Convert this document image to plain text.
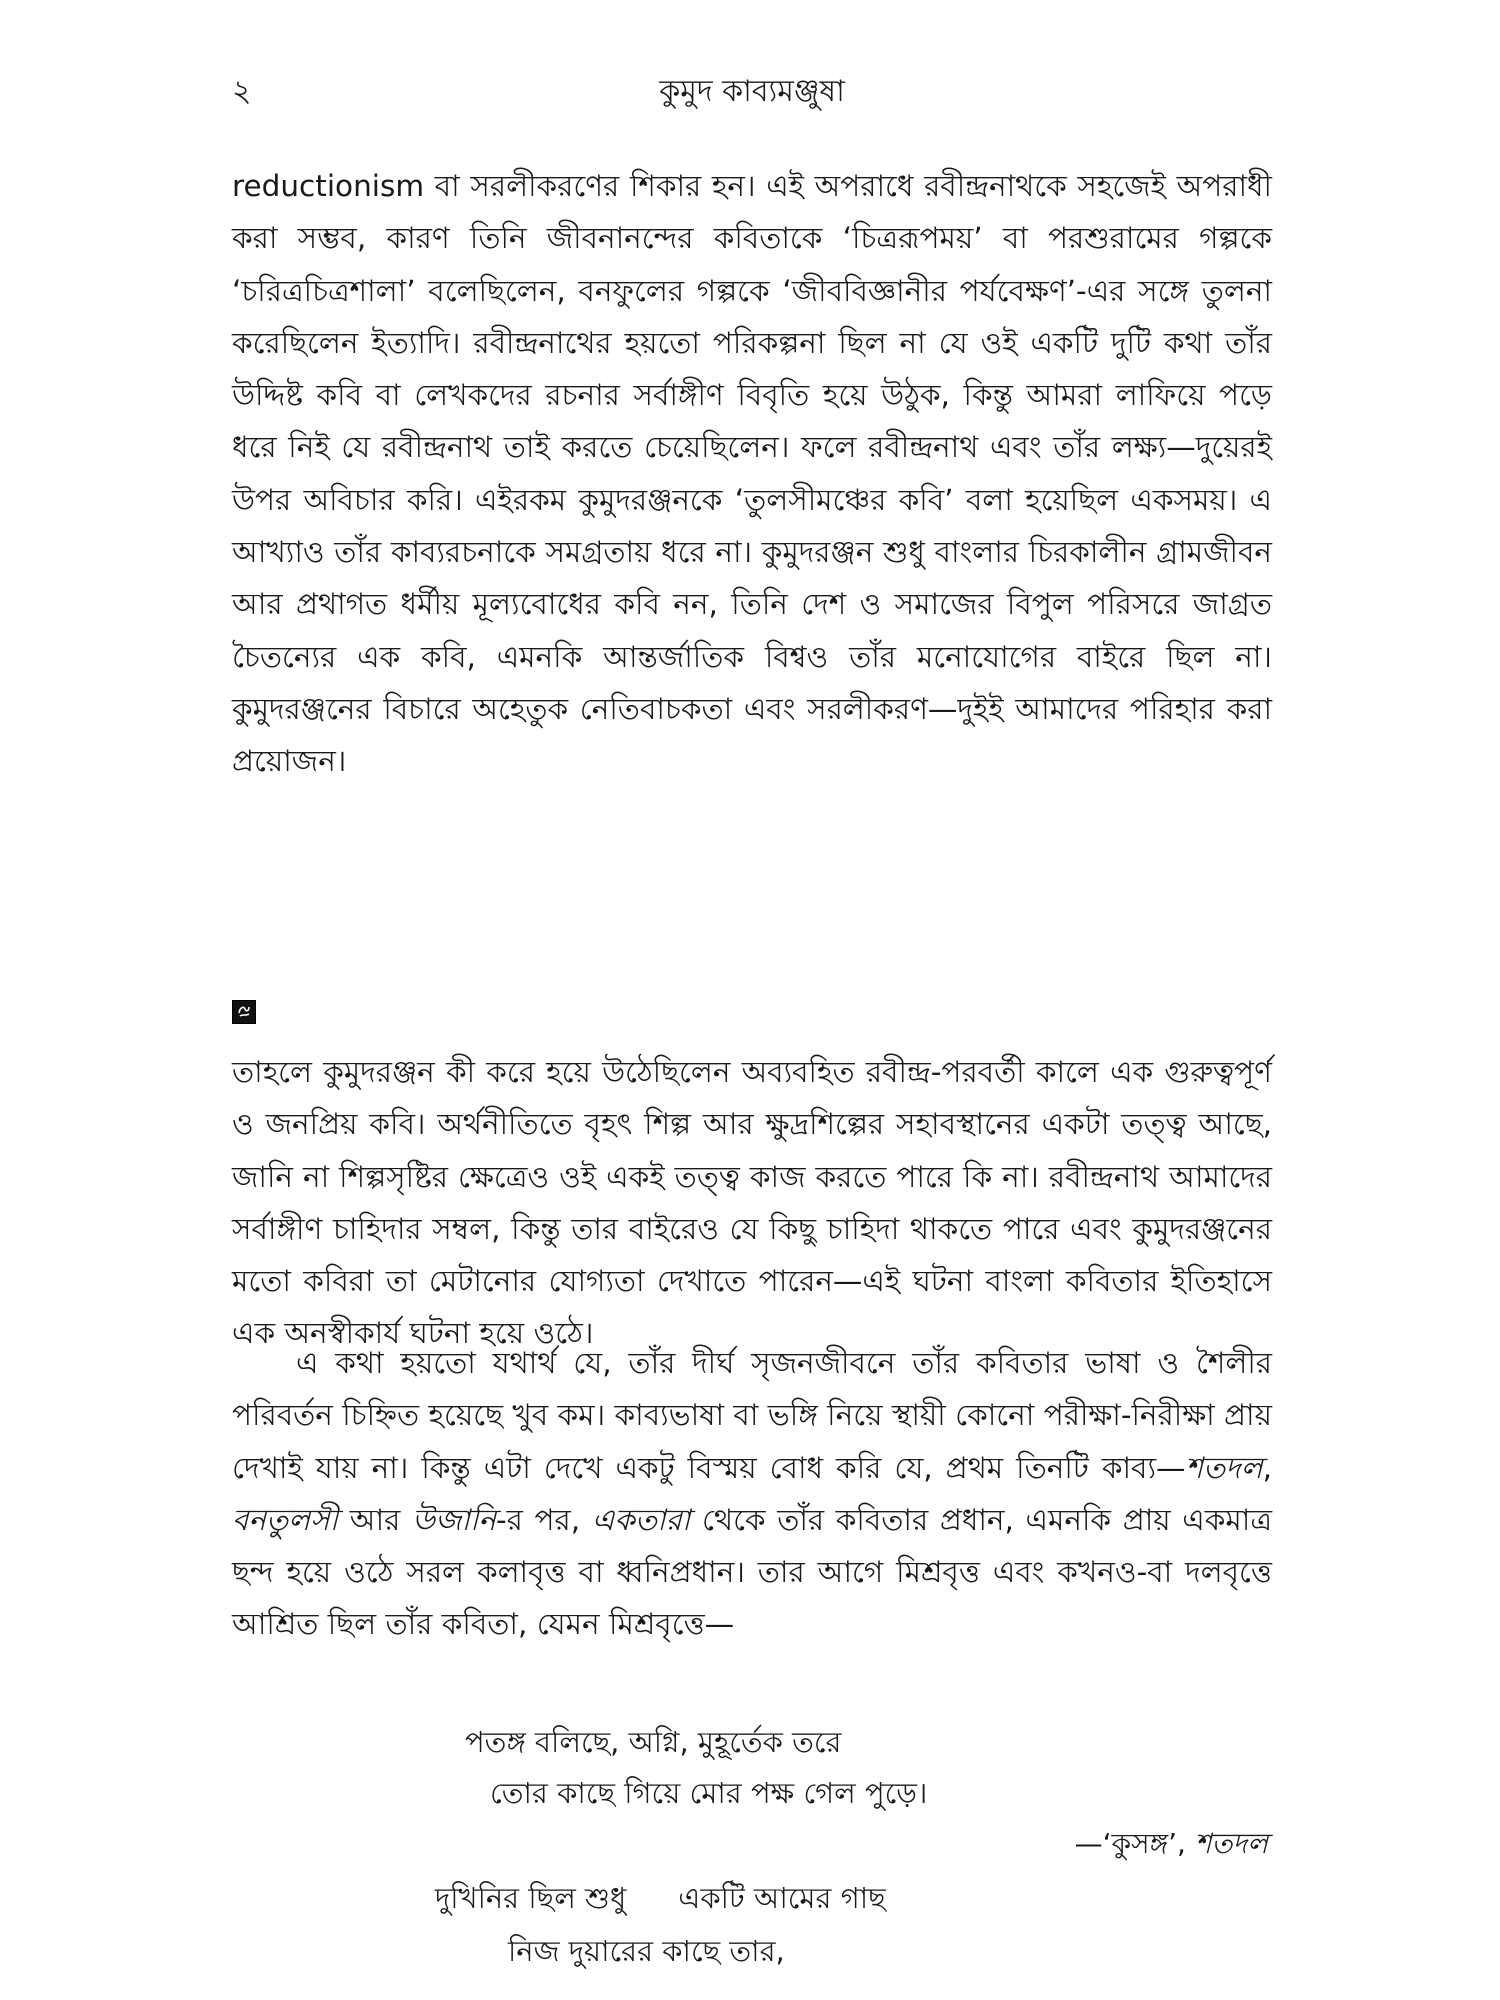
২	কুমুদ কাব্যমঞ্জুষা

reductionism বা সরলীকরণের শিকার হন। এই অপরাধে রবীন্দ্রনাথকে সহজেই অপরাধী করা সম্ভব, কারণ তিনি জীবনানন্দের কবিতাকে ‘চিত্ররূপময়’ বা পরশুরামের গল্পকে ‘চরিত্রচিত্রশালা’ বলেছিলেন, বনফুলের গল্পকে ‘জীববিজ্ঞানীর পর্যবেক্ষণ’-এর সঙ্গে তুলনা করেছিলেন ইত্যাদি। রবীন্দ্রনাথের হয়তো পরিকল্পনা ছিল না যে ওই একটি দুটি কথা তাঁর উদ্দিষ্ট কবি বা লেখকদের রচনার সর্বাঙ্গীণ বিবৃতি হয়ে উঠুক, কিন্তু আমরা লাফিয়ে পড়ে ধরে নিই যে রবীন্দ্রনাথ তাই করতে চেয়েছিলেন। ফলে রবীন্দ্রনাথ এবং তাঁর লক্ষ্য—দুয়েরই উপর অবিচার করি। এইরকম কুমুদরঞ্জনকে ‘তুলসীমঞ্চের কবি’ বলা হয়েছিল একসময়। এ আখ্যাও তাঁর কাব্যরচনাকে সমগ্রতায় ধরে না। কুমুদরঞ্জন শুধু বাংলার চিরকালীন গ্রামজীবন আর প্রথাগত ধর্মীয় মূল্যবোধের কবি নন, তিনি দেশ ও সমাজের বিপুল পরিসরে জাগ্রত চৈতন্যের এক কবি, এমনকি আন্তর্জাতিক বিশ্বও তাঁর মনোযোগের বাইরে ছিল না। কুমুদরঞ্জনের বিচারে অহেতুক নেতিবাচকতা এবং সরলীকরণ—দুইই আমাদের পরিহার করা প্রয়োজন।

তাহলে কুমুদরঞ্জন কী করে হয়ে উঠেছিলেন অব্যবহিত রবীন্দ্র-পরবর্তী কালে এক গুরুত্বপূর্ণ ও জনপ্রিয় কবি। অর্থনীতিতে বৃহৎ শিল্প আর ক্ষুদ্রশিল্পের সহাবস্থানের একটা তত্ত্ব আছে, জানি না শিল্পসৃষ্টির ক্ষেত্রেও ওই একই তত্ত্ব কাজ করতে পারে কি না। রবীন্দ্রনাথ আমাদের সর্বাঙ্গীণ চাহিদার সম্বল, কিন্তু তার বাইরেও যে কিছু চাহিদা থাকতে পারে এবং কুমুদরঞ্জনের মতো কবিরা তা মেটানোর যোগ্যতা দেখাতে পারেন—এই ঘটনা বাংলা কবিতার ইতিহাসে এক অনস্বীকার্য ঘটনা হয়ে ওঠে।

এ কথা হয়তো যথার্থ যে, তাঁর দীর্ঘ সৃজনজীবনে তাঁর কবিতার ভাষা ও শৈলীর পরিবর্তন চিহ্নিত হয়েছে খুব কম। কাব্যভাষা বা ভঙ্গি নিয়ে স্থায়ী কোনো পরীক্ষা-নিরীক্ষা প্রায় দেখাই যায় না। কিন্তু এটা দেখে একটু বিস্ময় বোধ করি যে, প্রথম তিনটি কাব্য—শতদল, বনতুলসী আর উজানি-র পর, একতারা থেকে তাঁর কবিতার প্রধান, এমনকি প্রায় একমাত্র ছন্দ হয়ে ওঠে সরল কলাবৃত্ত বা ধ্বনিপ্রধান। তার আগে মিশ্রবৃত্ত এবং কখনও-বা দলবৃত্তে আশ্রিত ছিল তাঁর কবিতা, যেমন মিশ্রবৃত্তে—

পতঙ্গ বলিছে, অগ্নি, মুহূর্তেক তরে
তোর কাছে গিয়ে মোর পক্ষ গেল পুড়ে।
—‘কুসঙ্গ’, শতদল
দুখিনির ছিল শুধু একটি আমের গাছ
নিজ দুয়ারের কাছে তার,
